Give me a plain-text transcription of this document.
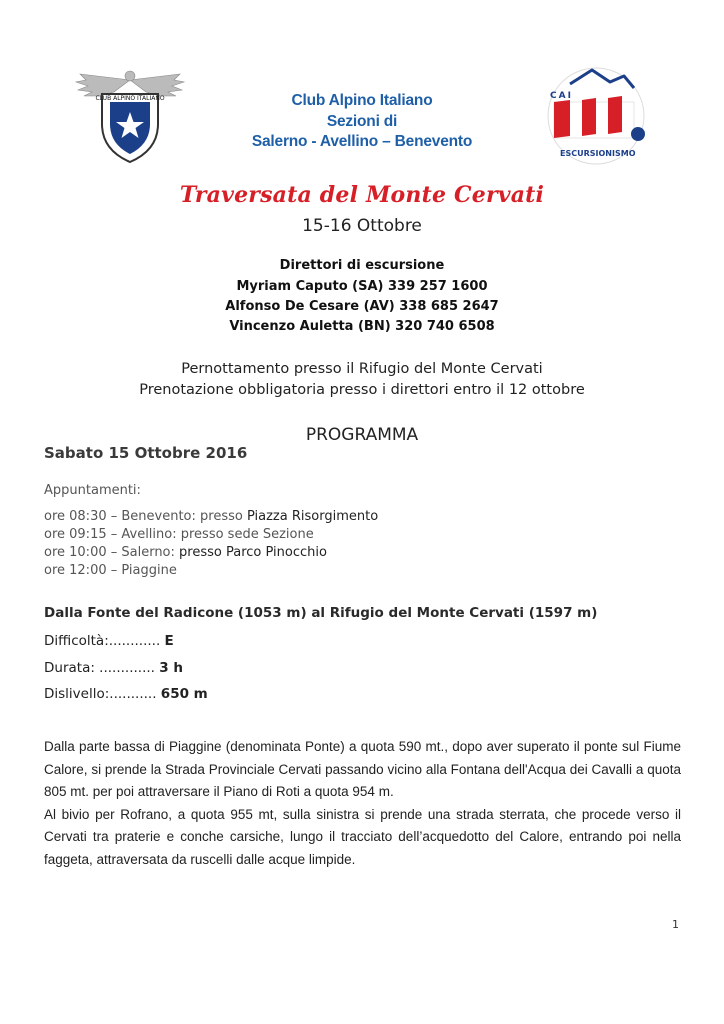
CLUB ALPINO ITALIANO	CAI
ESCURSIONISMO
Club Alpino Italiano
Sezioni di
Salerno - Avellino – Benevento
Traversata del Monte Cervati
15-16 Ottobre
Direttori di escursione
Myriam Caputo (SA) 339 257 1600
Alfonso De Cesare (AV) 338 685 2647
Vincenzo Auletta (BN) 320 740 6508
Pernottamento presso il Rifugio del Monte Cervati
Prenotazione obbligatoria presso i direttori entro il 12 ottobre
PROGRAMMA
Sabato 15 Ottobre 2016
Appuntamenti:
ore 08:30 – Benevento: presso Piazza Risorgimento
ore 09:15 – Avellino: presso sede Sezione
ore 10:00 – Salerno: presso Parco Pinocchio
ore 12:00 – Piaggine
Dalla Fonte del Radicone (1053 m) al Rifugio del Monte Cervati (1597 m)
Difficoltà:............ E
Durata: ............. 3 h
Dislivello:........... 650 m

Dalla parte bassa di Piaggine (denominata Ponte) a quota 590 mt., dopo aver superato il ponte sul Fiume Calore, si prende la Strada Provinciale Cervati passando vicino alla Fontana dell'Acqua dei Cavalli a quota 805 mt. per poi attraversare il Piano di Roti a quota 954 m.

Al bivio per Rofrano, a quota 955 mt, sulla sinistra si prende una strada sterrata, che procede verso il Cervati tra praterie e conche carsiche, lungo il tracciato dell’acquedotto del Calore, entrando poi nella faggeta, attraversata da ruscelli dalle acque limpide.

1
